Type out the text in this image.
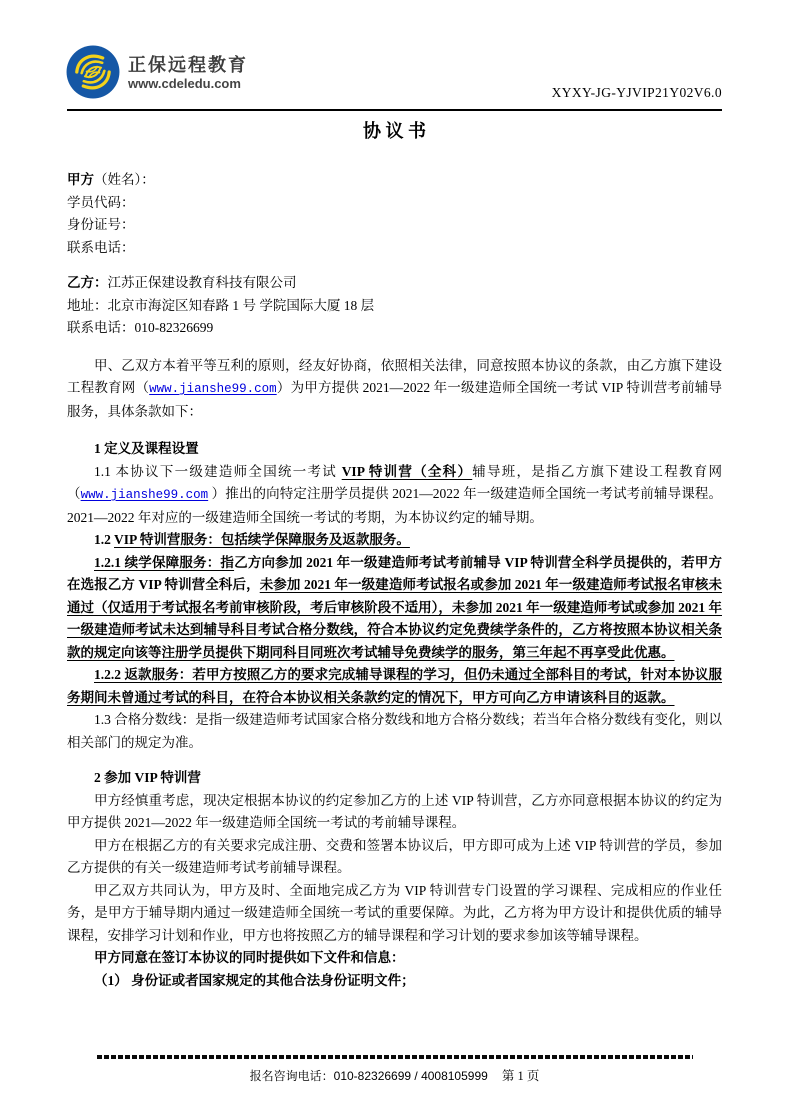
正保远程教育
www.cdeledu.com
XYXY-JG-YJVIP21Y02V6.0
协 议 书

甲方（姓名）：

学员代码：

身份证号：

联系电话：

乙方：江苏正保建设教育科技有限公司

地址：北京市海淀区知春路 1 号 学院国际大厦 18 层

联系电话：010-82326699

甲、乙双方本着平等互利的原则，经友好协商，依照相关法律，同意按照本协议的条款，由乙方旗下建设工程教育网（www.jianshe99.com）为甲方提供 2021—2022 年一级建造师全国统一考试 VIP 特训营考前辅导服务，具体条款如下：

1 定义及课程设置

1.1 本协议下一级建造师全国统一考试 VIP 特训营（全科）辅导班，是指乙方旗下建设工程教育网（www.jianshe99.com ）推出的向特定注册学员提供 2021—2022 年一级建造师全国统一考试考前辅导课程。2021—2022 年对应的一级建造师全国统一考试的考期，为本协议约定的辅导期。

1.2 VIP 特训营服务：包括续学保障服务及返款服务。

1.2.1 续学保障服务：指乙方向参加 2021 年一级建造师考试考前辅导 VIP 特训营全科学员提供的，若甲方在选报乙方 VIP 特训营全科后，未参加 2021 年一级建造师考试报名或参加 2021 年一级建造师考试报名审核未通过（仅适用于考试报名考前审核阶段，考后审核阶段不适用），未参加 2021 年一级建造师考试或参加 2021 年一级建造师考试未达到辅导科目考试合格分数线，符合本协议约定免费续学条件的，乙方将按照本协议相关条款的规定向该等注册学员提供下期同科目同班次考试辅导免费续学的服务，第三年起不再享受此优惠。

1.2.2 返款服务：若甲方按照乙方的要求完成辅导课程的学习，但仍未通过全部科目的考试，针对本协议服务期间未曾通过考试的科目，在符合本协议相关条款约定的情况下，甲方可向乙方申请该科目的返款。

1.3 合格分数线：是指一级建造师考试国家合格分数线和地方合格分数线；若当年合格分数线有变化，则以相关部门的规定为准。

2 参加 VIP 特训营

甲方经慎重考虑，现决定根据本协议的约定参加乙方的上述 VIP 特训营，乙方亦同意根据本协议的约定为甲方提供 2021—2022 年一级建造师全国统一考试的考前辅导课程。

甲方在根据乙方的有关要求完成注册、交费和签署本协议后，甲方即可成为上述 VIP 特训营的学员，参加乙方提供的有关一级建造师考试考前辅导课程。

甲乙双方共同认为，甲方及时、全面地完成乙方为 VIP 特训营专门设置的学习课程、完成相应的作业任务，是甲方于辅导期内通过一级建造师全国统一考试的重要保障。为此，乙方将为甲方设计和提供优质的辅导课程，安排学习计划和作业，甲方也将按照乙方的辅导课程和学习计划的要求参加该等辅导课程。

甲方同意在签订本协议的同时提供如下文件和信息：

（1） 身份证或者国家规定的其他合法身份证明文件；

报名咨询电话：010-82326699 / 4008105999 第 1 页
